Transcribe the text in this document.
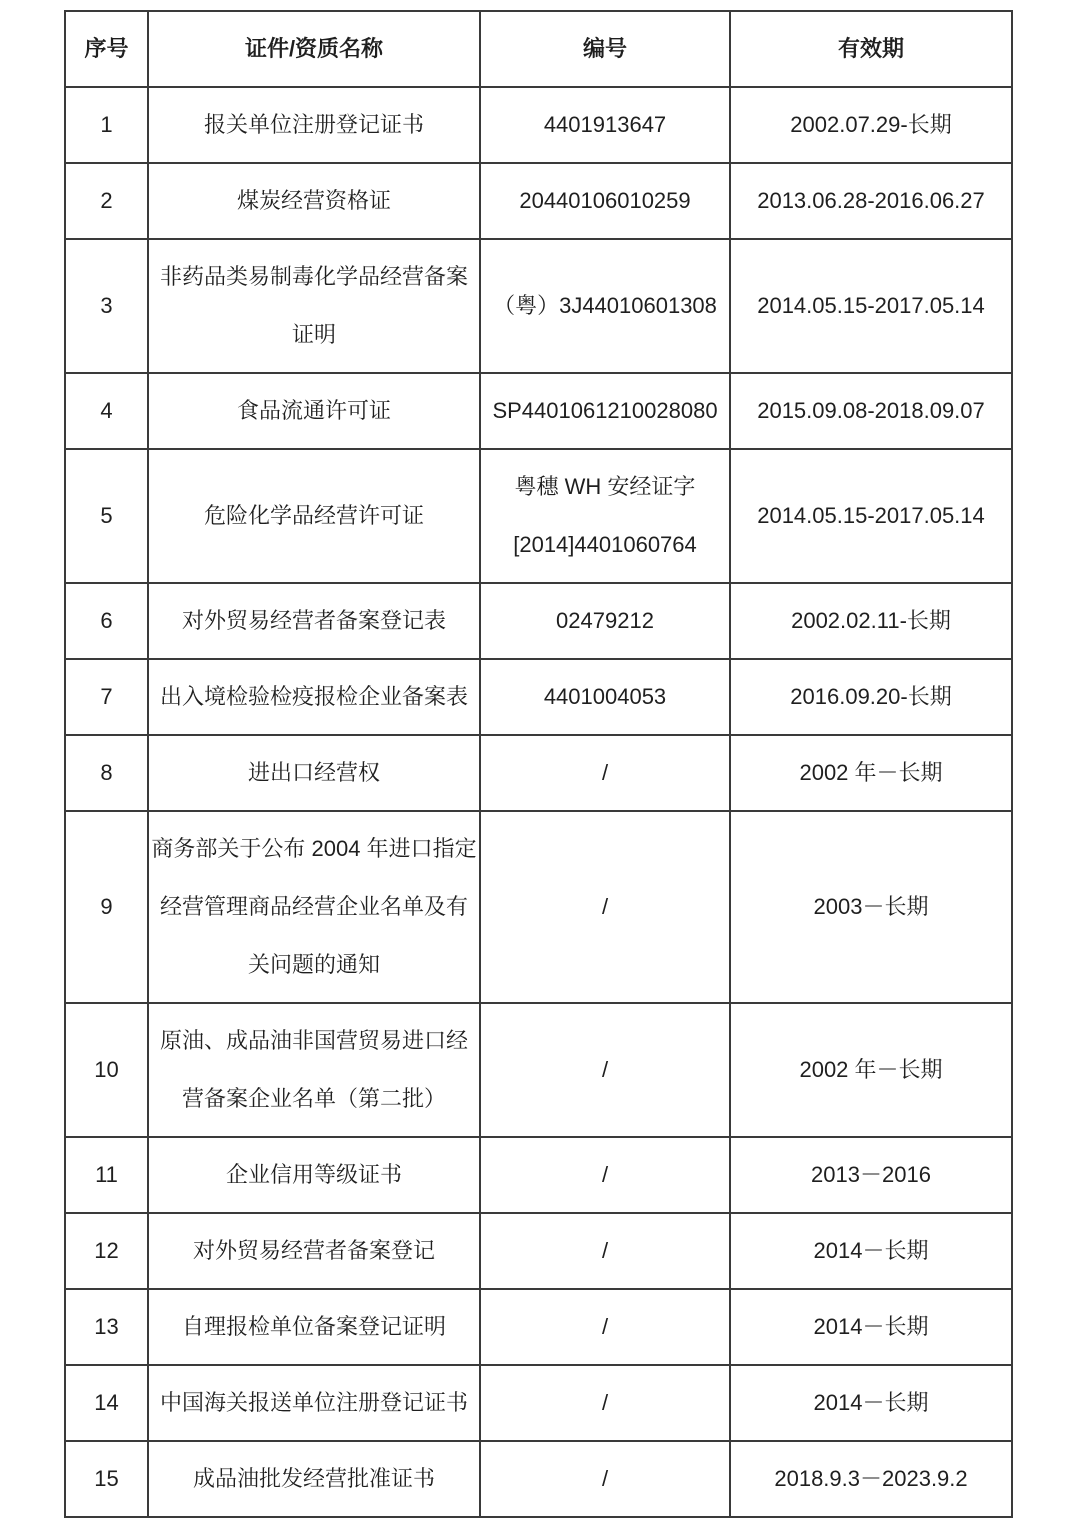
序号	证件/资质名称	编号	有效期
1	报关单位注册登记证书	4401913647	2002.07.29-长期
2	煤炭经营资格证	20440106010259	2013.06.28-2016.06.27
3	非药品类易制毒化学品经营备案证明	（粤）3J44010601308	2014.05.15-2017.05.14
4	食品流通许可证	SP4401061210028080	2015.09.08-2018.09.07
5	危险化学品经营许可证	粤穗 WH 安经证字 [2014]4401060764	2014.05.15-2017.05.14
6	对外贸易经营者备案登记表	02479212	2002.02.11-长期
7	出入境检验检疫报检企业备案表	4401004053	2016.09.20-长期
8	进出口经营权	/	2002 年－长期
9	商务部关于公布 2004 年进口指定经营管理商品经营企业名单及有关问题的通知	/	2003－长期
10	原油、成品油非国营贸易进口经营备案企业名单（第二批）	/	2002 年－长期
11	企业信用等级证书	/	2013－2016
12	对外贸易经营者备案登记	/	2014－长期
13	自理报检单位备案登记证明	/	2014－长期
14	中国海关报送单位注册登记证书	/	2014－长期
15	成品油批发经营批准证书	/	2018.9.3－2023.9.2
